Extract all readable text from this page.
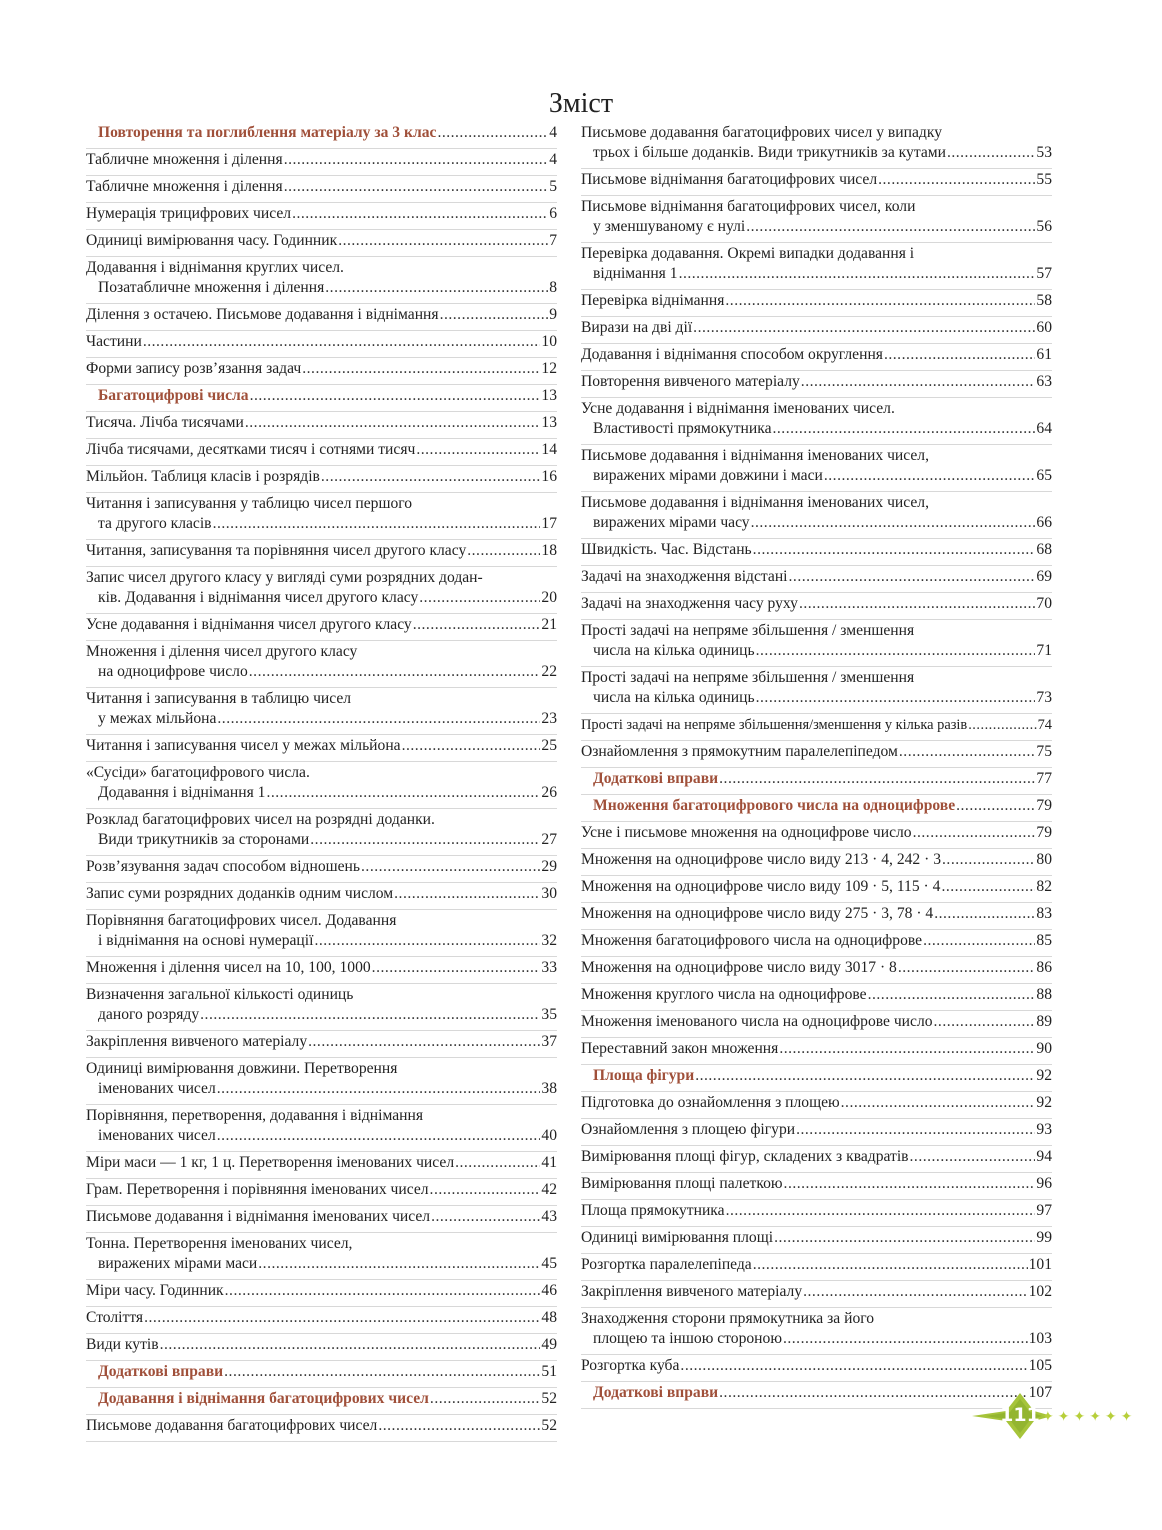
Зміст
Повторення та поглиблення матеріалу за 3 клас .....	4
Табличне множення і ділення .....	4
Табличне множення і ділення .....	5
Нумерація трицифрових чисел .....	6
Одиниці вимірювання часу. Годинник .....	7
Додавання і віднімання круглих чисел.
Позатабличне множення і ділення .....	8
Ділення з остачею. Письмове додавання і віднімання .....	9
Частини .....	10
Форми запису розв’язання задач .....	12
Багатоцифрові числа .....	13
Тисяча. Лічба тисячами .....	13
Лічба тисячами, десятками тисяч і сотнями тисяч .....	14
Мільйон. Таблиця класів і розрядів .....	16
Читання і записування у таблицю чисел першого
та другого класів .....	17
Читання, записування та порівняння чисел другого класу .....	18
Запис чисел другого класу у вигляді суми розрядних додан-
ків. Додавання і віднімання чисел другого класу .....	20
Усне додавання і віднімання чисел другого класу .....	21
Множення і ділення чисел другого класу
на одноцифрове число .....	22
Читання і записування в таблицю чисел
у межах мільйона .....	23
Читання і записування чисел у межах мільйона .....	25
«Сусіди» багатоцифрового числа.
Додавання і віднімання 1 .....	26
Розклад багатоцифрових чисел на розрядні доданки.
Види трикутників за сторонами .....	27
Розв’язування задач способом відношень .....	29
Запис суми розрядних доданків одним числом .....	30
Порівняння багатоцифрових чисел. Додавання
і віднімання на основі нумерації .....	32
Множення і ділення чисел на 10, 100, 1000 .....	33
Визначення загальної кількості одиниць
даного розряду .....	35
Закріплення вивченого матеріалу .....	37
Одиниці вимірювання довжини. Перетворення
іменованих чисел .....	38
Порівняння, перетворення, додавання і віднімання
іменованих чисел .....	40
Міри маси — 1 кг, 1 ц. Перетворення іменованих чисел .....	41
Грам. Перетворення і порівняння іменованих чисел .....	42
Письмове додавання і віднімання іменованих чисел .....	43
Тонна. Перетворення іменованих чисел,
виражених мірами маси .....	45
Міри часу. Годинник .....	46
Століття .....	48
Види кутів .....	49
Додаткові вправи .....	51
Додавання і віднімання багатоцифрових чисел .....	52
Письмове додавання багатоцифрових чисел .....	52
Письмове додавання багатоцифрових чисел у випадку
трьох і більше доданків. Види трикутників за кутами .....	53
Письмове віднімання багатоцифрових чисел .....	55
Письмове віднімання багатоцифрових чисел, коли
у зменшуваному є нулі .....	56
Перевірка додавання. Окремі випадки додавання і
віднімання 1 .....	57
Перевірка віднімання .....	58
Вирази на дві дії .....	60
Додавання і віднімання способом округлення .....	61
Повторення вивченого матеріалу .....	63
Усне додавання і віднімання іменованих чисел.
Властивості прямокутника .....	64
Письмове додавання і віднімання іменованих чисел,
виражених мірами довжини і маси .....	65
Письмове додавання і віднімання іменованих чисел,
виражених мірами часу .....	66
Швидкість. Час. Відстань .....	68
Задачі на знаходження відстані .....	69
Задачі на знаходження часу руху .....	70
Прості задачі на непряме збільшення / зменшення
числа на кілька одиниць .....	71
Прості задачі на непряме збільшення / зменшення
числа на кілька одиниць .....	73
Прості задачі на непряме збільшення/зменшення у кілька разів .....	74
Ознайомлення з прямокутним паралелепіпедом .....	75
Додаткові вправи .....	77
Множення багатоцифрового числа на одноцифрове .....	79
Усне і письмове множення на одноцифрове число .....	79
Множення на одноцифрове число виду 213 · 4, 242 · 3 .....	80
Множення на одноцифрове число виду 109 · 5, 115 · 4 .....	82
Множення на одноцифрове число виду 275 · 3, 78 · 4 .....	83
Множення багатоцифрового числа на одноцифрове .....	85
Множення на одноцифрове число виду 3017 · 8 .....	86
Множення круглого числа на одноцифрове .....	88
Множення іменованого числа на одноцифрове число .....	89
Переставний закон множення .....	90
Площа фігури .....	92
Підготовка до ознайомлення з площею .....	92
Ознайомлення з площею фігури .....	93
Вимірювання площі фігур, складених з квадратів .....	94
Вимірювання площі палеткою .....	96
Площа прямокутника .....	97
Одиниці вимірювання площі .....	99
Розгортка паралелепіпеда .....	101
Закріплення вивченого матеріалу .....	102
Знаходження сторони прямокутника за його
площею та іншою стороною .....	103
Розгортка куба .....	105
Додаткові вправи .....	107
✦✦✦✦✦✦
111
